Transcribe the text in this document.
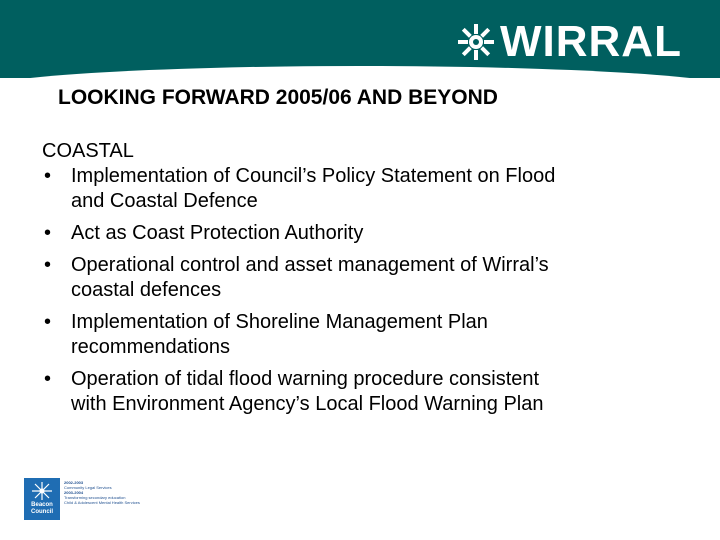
WIRRAL
LOOKING FORWARD 2005/06 AND BEYOND
COASTAL
• Implementation of Council’s Policy Statement on Flood
and Coastal Defence
• Act as Coast Protection Authority
• Operational control and asset management of Wirral’s
coastal defences
• Implementation of Shoreline Management Plan
recommendations
• Operation of tidal flood warning procedure consistent
with Environment Agency’s Local Flood Warning Plan
Beacon
Council
2002-2003
Community Legal Services
2003-2004
Transforming secondary education
Child & Adolescent Mental Health Services
